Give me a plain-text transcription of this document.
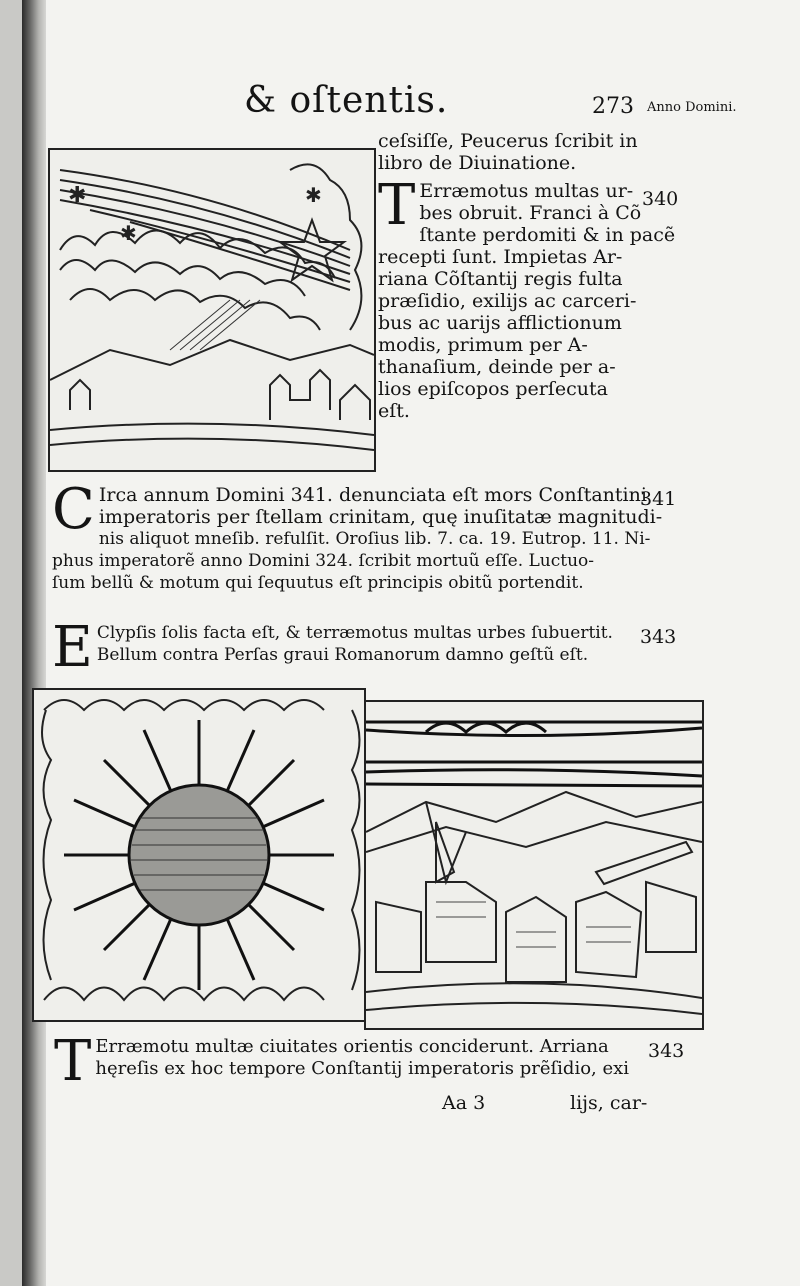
& oſtentis.	273 Anno Domini.
✱
✱
✱
ceſsiſſe, Peucerus ſcribit in
libro de Diuinatione.
340
T Erræmotus multas ur-
bes obruit. Franci à Cõ
ſtante perdomiti & in pacẽ
recepti ſunt. Impietas Ar-
riana Cõſtantij regis fulta
præſidio, exilijs ac carceri-
bus ac uarijs afflictionum
modis, primum per A-
thanaſium, deinde per a-
lios epiſcopos perſecuta
eſt.
341
C Irca annum Domini 341. denunciata eſt mors Conſtantini
imperatoris per ſtellam crinitam, quę inuſitatæ magnitudi-
nis aliquot mneſib. refulſit. Oroſius lib. 7. ca. 19. Eutrop. 11. Ni-
phus imperatorẽ anno Domini 324. ſcribit mortuũ eſſe. Luctuo-
ſum bellũ & motum qui ſequutus eſt principis obitũ portendit.
343
E Clypſis ſolis facta eſt, & terræmotus multas urbes ſubuertit.
Bellum contra Perſas graui Romanorum damno geſtũ eſt.
343
T Erræmotu multæ ciuitates orientis conciderunt. Arriana
hęreſis ex hoc tempore Conſtantij imperatoris prẽſidio, exi
Aa 3	lijs, car-
